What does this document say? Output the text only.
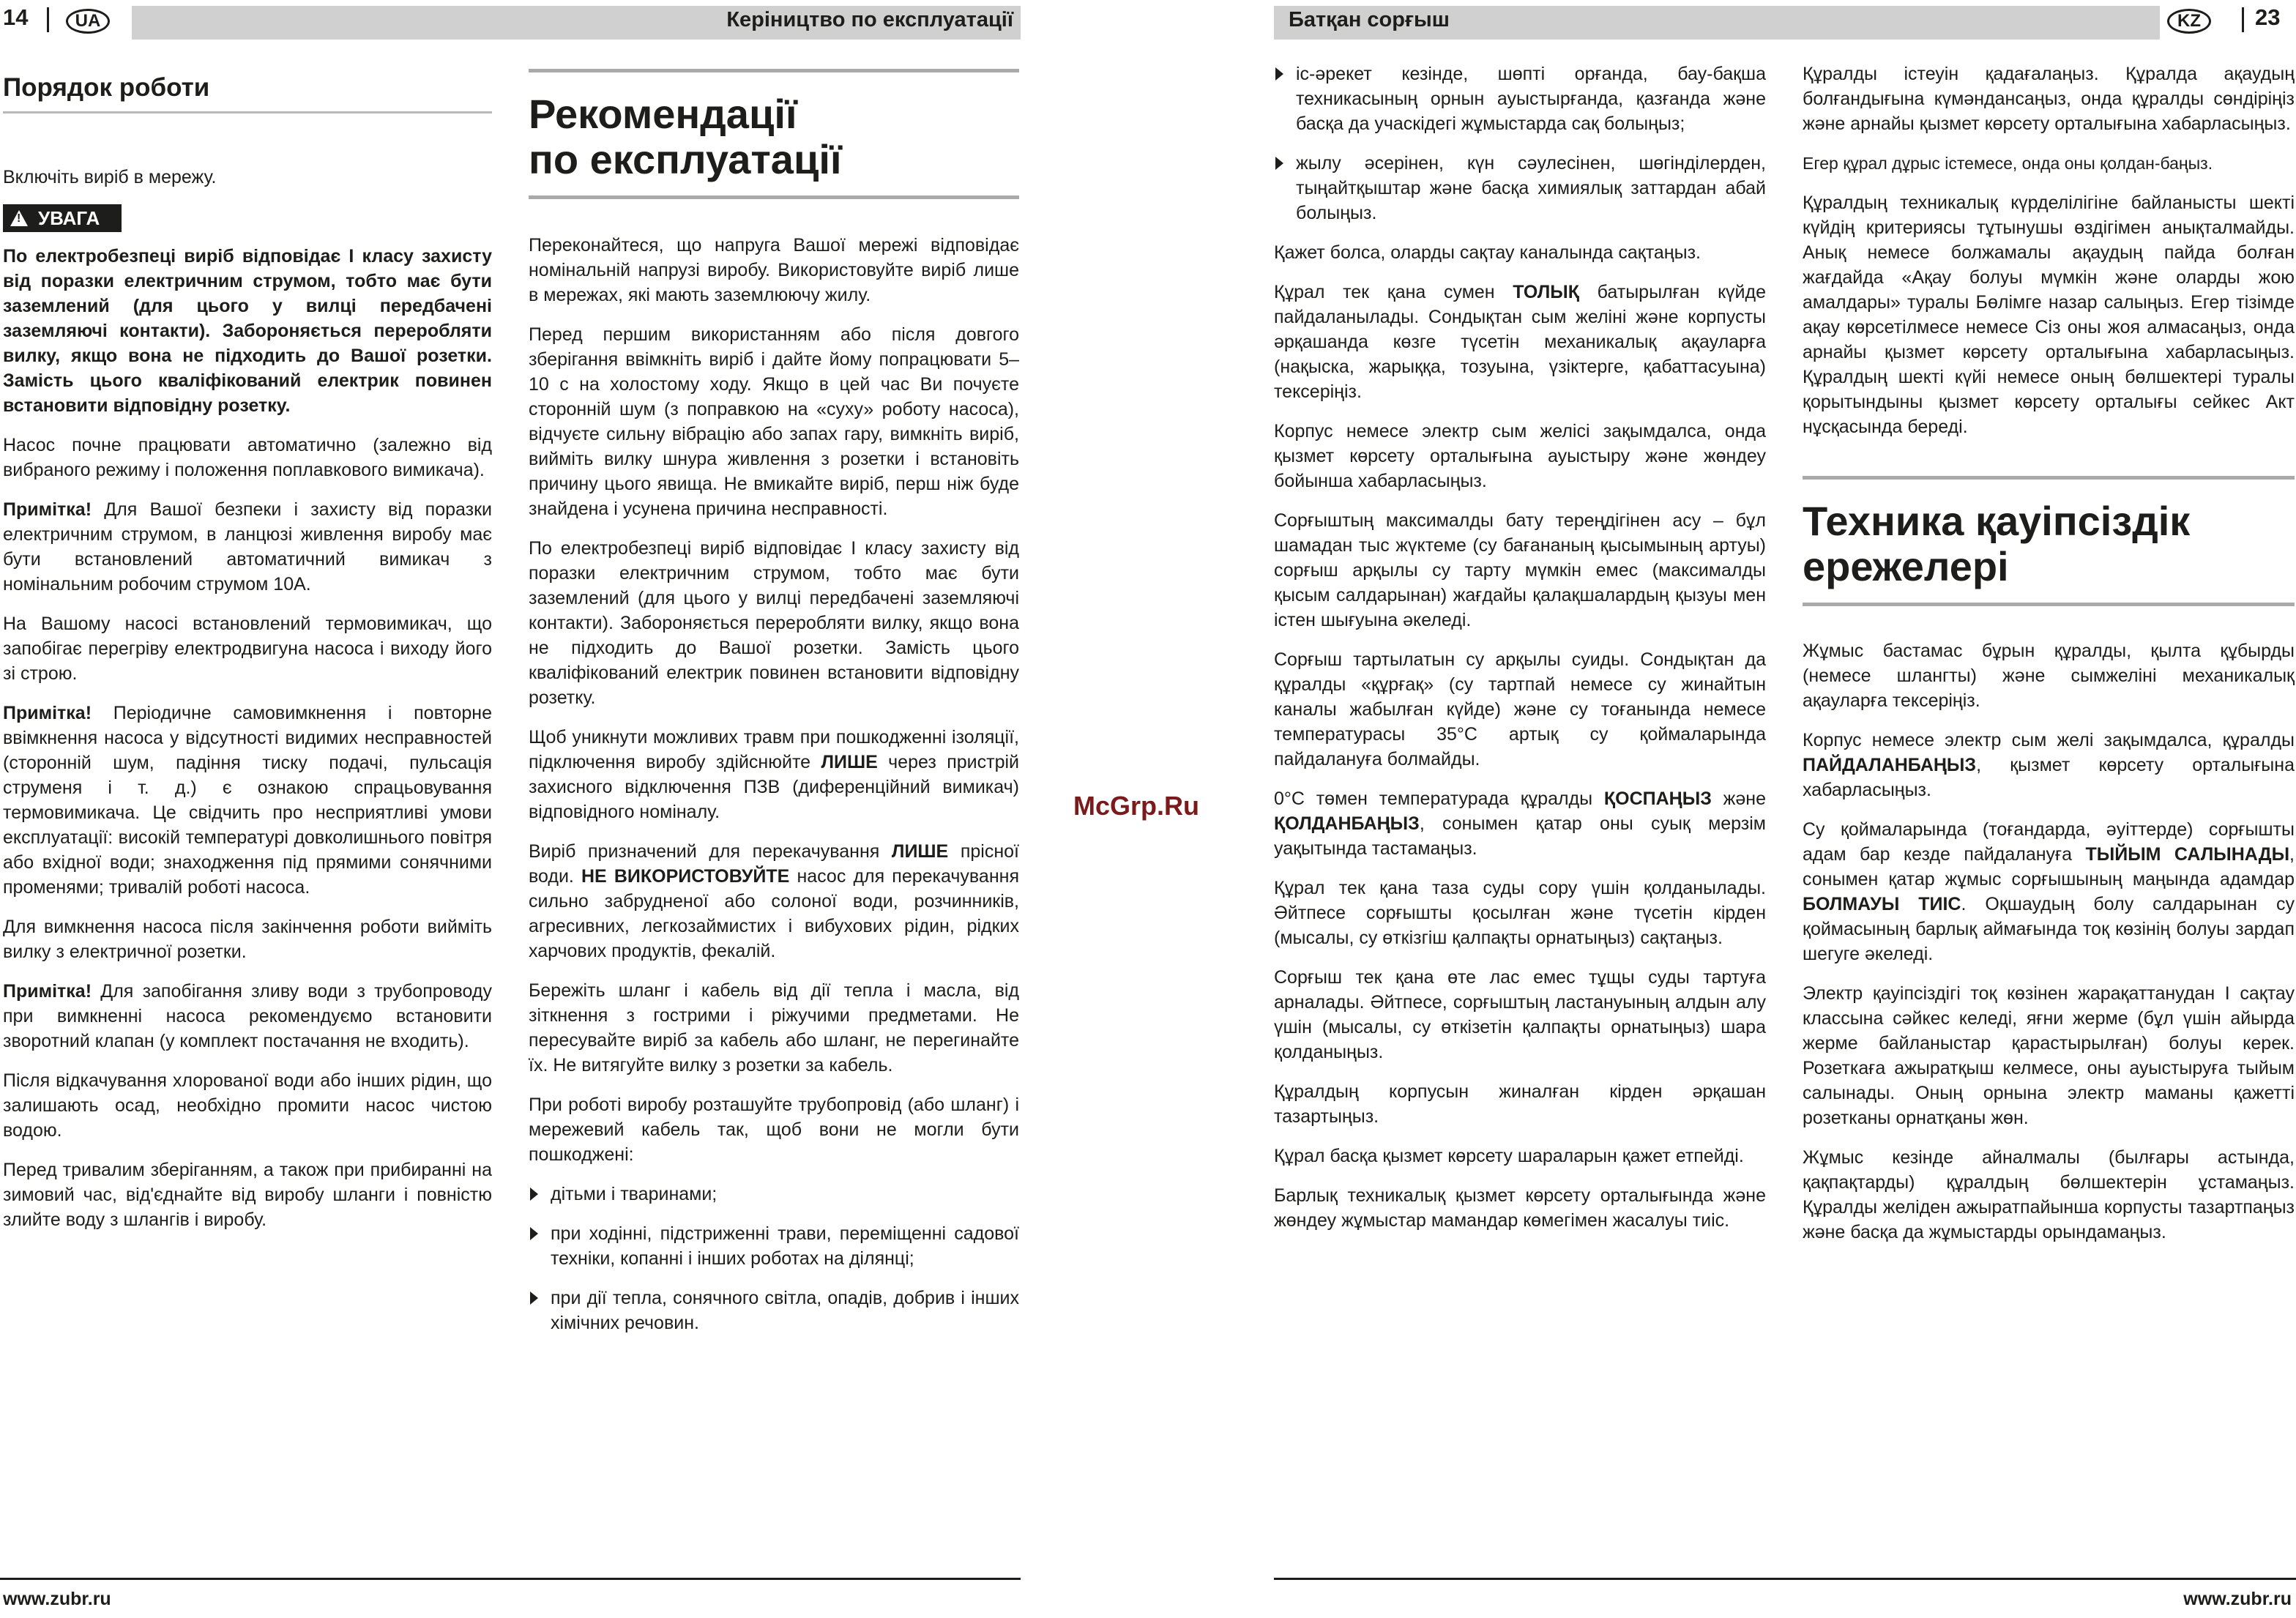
14	UA	Керіництво по експлуатації	Батқан сорғыш	KZ	23
Порядок роботи

Включіть виріб в мережу.

!УВАГА

По електробезпеці виріб відповідає I класу захисту від поразки електричним струмом, тобто має бути заземлений (для цього у вилці передбачені заземляючі контакти). Забороняється переробляти вилку, якщо вона не підходить до Вашої розетки. Замість цього кваліфікований електрик повинен встановити відповідну розетку.

Насос почне працювати автоматично (залежно від вибраного режиму і положення поплавкового вимикача).

Примітка! Для Вашої безпеки і захисту від поразки електричним струмом, в ланцюзі живлення виробу має бути встановлений автоматичний вимикач з номінальним робочим струмом 10А.

На Вашому насосі встановлений термовимикач, що запобігає перегріву електродвигуна насоса і виходу його зі строю.

Примітка! Періодичне самовимкнення і повторне ввімкнення насоса у відсутності видимих несправностей (сторонній шум, падіння тиску подачі, пульсація струменя і т. д.) є ознакою спрацьовування термовимикача. Це свідчить про несприятливі умови експлуатації: високій температурі довколишнього повітря або вхідної води; знаходження під прямими сонячними променями; тривалій роботі насоса.

Для вимкнення насоса після закінчення роботи вийміть вилку з електричної розетки.

Примітка! Для запобігання зливу води з трубопроводу при вимкненні насоса рекомендуємо встановити зворотний клапан (у комплект постачання не входить).

Після відкачування хлорованої води або інших рідин, що залишають осад, необхідно промити насос чистою водою.

Перед тривалим зберіганням, а також при прибиранні на зимовий час, від'єднайте від виробу шланги і повністю злийте воду з шлангів і виробу.

Рекомендації
по експлуатації

Переконайтеся, що напруга Вашої мережі відповідає номінальній напрузі виробу. Використовуйте виріб лише в мережах, які мають заземлюючу жилу.

Перед першим використанням або після довгого зберігання ввімкніть виріб і дайте йому попрацювати 5–10 с на холостому ходу. Якщо в цей час Ви почуєте сторонній шум (з поправкою на «суху» роботу насоса), відчуєте сильну вібрацію або запах гару, вимкніть виріб, вийміть вилку шнура живлення з розетки і встановіть причину цього явища. Не вмикайте виріб, перш ніж буде знайдена і усунена причина несправності.

По електробезпеці виріб відповідає I класу захисту від поразки електричним струмом, тобто має бути заземлений (для цього у вилці передбачені заземляючі контакти). Забороняється переробляти вилку, якщо вона не підходить до Вашої розетки. Замість цього кваліфікований електрик повинен встановити відповідну розетку.

Щоб уникнути можливих травм при пошкодженні ізоляції, підключення виробу здійснюйте ЛИШЕ через пристрій захисного відключення ПЗВ (диференційний вимикач) відповідного номіналу.

Виріб призначений для перекачування ЛИШЕ прісної води. НЕ ВИКОРИСТОВУЙТЕ насос для перекачування сильно забрудненої або солоної води, розчинників, агресивних, легкозаймистих і вибухових рідин, рідких харчових продуктів, фекалій.

Бережіть шланг і кабель від дії тепла і масла, від зіткнення з гострими і ріжучими предметами. Не пересувайте виріб за кабель або шланг, не перегинайте їх. Не витягуйте вилку з розетки за кабель.

При роботі виробу розташуйте трубопровід (або шланг) і мережевий кабель так, щоб вони не могли бути пошкоджені:

дітьми і тваринами;
при ходінні, підстриженні трави, переміщенні садової техніки, копанні і інших роботах на ділянці;
при дії тепла, сонячного світла, опадів, добрив і інших хімічних речовин.
McGrp.Ru
іс-әрекет кезінде, шөпті орғанда, бау-бақша техникасының орнын ауыстырғанда, қазғанда және басқа да учаскідегі жұмыстарда сақ болыңыз;
жылу әсерінен, күн сәулесінен, шөгінділерден, тыңайтқыштар және басқа химиялық заттардан абай болыңыз.

Қажет болса, оларды сақтау каналында сақтаңыз.

Құрал тек қана сумен ТОЛЫҚ батырылған күйде пайдаланылады. Сондықтан сым желіні және корпусты әрқашанда көзге түсетін механикалық ақауларға (нақыска, жарыққа, тозуына, үзіктерге, қабаттасуына) тексеріңіз.

Корпус немесе электр сым желісі зақымдалса, онда қызмет көрсету орталығына ауыстыру және жөндеу бойынша хабарласыңыз.

Сорғыштың максималды бату тереңдігінен асу – бұл шамадан тыс жүктеме (су бағананың қысымының артуы) сорғыш арқылы су тарту мүмкін емес (максималды қысым салдарынан) жағдайы қалақшалардың қызуы мен істен шығуына әкеледі.

Сорғыш тартылатын су арқылы суиды. Сондықтан да құралды «құрғақ» (су тартпай немесе су жинайтын каналы жабылған күйде) және су тоғанында немесе температурасы 35°С артық су қоймаларында пайдалануға болмайды.

0°С төмен температурада құралды ҚОСПАҢЫЗ және ҚОЛДАНБАҢЫЗ, сонымен қатар оны суық мерзім уақытында тастамаңыз.

Құрал тек қана таза суды сору үшін қолданылады. Әйтпесе сорғышты қосылған және түсетін кірден (мысалы, су өткізгіш қалпақты орнатыңыз) сақтаңыз.

Сорғыш тек қана өте лас емес тұщы суды тартуға арналады. Әйтпесе, сорғыштың ластануының алдын алу үшін (мысалы, су өткізетін қалпақты орнатыңыз) шара қолданыңыз.

Құралдың корпусын жиналған кірден әрқашан тазартыңыз.

Құрал басқа қызмет көрсету шараларын қажет етпейді.

Барлық техникалық қызмет көрсету орталығында және жөндеу жұмыстар мамандар көмегімен жасалуы тиіс.

Құралды істеуін қадағалаңыз. Құралда ақаудың болғандығына күмәндансаңыз, онда құралды сөндіріңіз және арнайы қызмет көрсету орталығына хабарласыңыз.

Егер құрал дұрыс істемесе, онда оны қолдан-баңыз.

Құралдың техникалық күрделілігіне байланысты шекті күйдің критериясы тұтынушы өздігімен анықталмайды. Анық немесе болжамалы ақаудың пайда болған жағдайда «Ақау болуы мүмкін және оларды жою амалдары» туралы Бөлімге назар салыңыз. Егер тізімде ақау көрсетілмесе немесе Сіз оны жоя алмасаңыз, онда арнайы қызмет көрсету орталығына хабарласыңыз. Құралдың шекті күйі немесе оның бөлшектері туралы қорытындыны қызмет көрсету орталығы сейкес Акт нұсқасында береді.

Техника қауіпсіздік
ережелері

Жұмыс бастамас бұрын құралды, қылта құбырды (немесе шлангты) және сымжеліні механикалық ақауларға тексеріңіз.

Корпус немесе электр сым желі зақымдалса, құралды ПАЙДАЛАНБАҢЫЗ, қызмет көрсету орталығына хабарласыңыз.

Су қоймаларында (тоғандарда, әуіттерде) сорғышты адам бар кезде пайдалануға ТЫЙЫМ САЛЫНАДЫ, сонымен қатар жұмыс сорғышының маңында адамдар БОЛМАУЫ ТИІС. Оқшаудың болу салдарынан су қоймасының барлық аймағында тоқ көзінің болуы зардап шегуге әкеледі.

Электр қауіпсіздігі тоқ көзінен жарақаттанудан I сақтау классына сәйкес келеді, яғни жерме (бұл үшін айырда жерме байланыстар қарастырылған) болуы керек. Розеткаға ажыратқыш келмесе, оны ауыстыруға тыйым салынады. Оның орнына электр маманы қажетті розетканы орнатқаны жөн.

Жұмыс кезінде айналмалы (былғары астында, қақпақтарды) құралдың бөлшектерін ұстамаңыз. Құралды желіден ажыратпайынша корпусты тазартпаңыз және басқа да жұмыстарды орындамаңыз.

www.zubr.ru	www.zubr.ru
